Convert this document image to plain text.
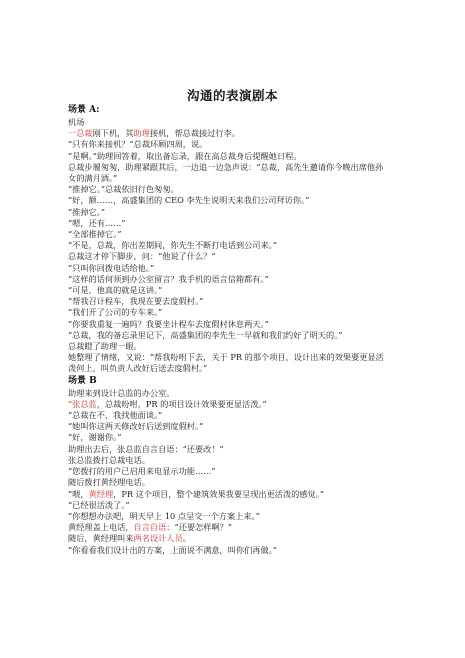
沟通的表演剧本
场景 A:
机场
一总裁刚下机，其助理接机，帮总裁接过行李。
“只有你来接机？”总裁环顾四周，说。
“是啊。”助理回答着，取出备忘录，跟在高总裁身后提醒她日程。
总裁步履匆匆，助理紧跟其后，一边追一边急声说：“总裁，高先生邀请你今晚出席他孙
女的满月酒。”
“推掉它。”总裁依旧行色匆匆。
“好，额……，高盛集团的 CEO 李先生说明天来我们公司拜访你。”
“推掉它。”
“嗯，还有……”
“全部推掉它。”
“不是，总裁，你出差期间，你先生不断打电话到公司来。”
总裁这才停下脚步，问：“他说了什么？”
“只叫你回拨电话给他。”
“这样的话何须到办公室留言？我手机的语言信箱都有。”
“可是，他真的就是这讲。”
“帮我召计程车，我现在要去度假村。”
“我们开了公司的专车来。”
“你要我重复一遍吗？我要坐计程车去度假村休息两天。”
“总裁，我的备忘录里记下，高盛集团的李先生一早就和我们约好了明天的。”
总裁瞪了助理一眼。
她整理了情绪，又说：“帮我吩咐下去，关于 PR 的那个项目，设计出来的效果要更显活
泼何上，叫负责人改好后送去度假村。”
场景 B
助理来到设计总监的办公室。
“张总监，总裁吩咐，PR 的项目设计效果要更显活泼。”
“总裁在不，我找他面谈。”
“她叫你这两天修改好后送到度假村。”
“好，谢谢你。”
助理出去后，张总监自言自语：“还要改！”
张总监拨打总裁电话。
“您拨打的用户已启用来电显示功能……”
随后拨打黄经理电话。
“喂，黄经理，PR 这个项目，整个建筑效果我要呈现出更活泼的感觉。”
“已经很活泼了。”
“你想想办法吧，明天早上 10 点呈交一个方案上来。”
黄经理盖上电话，自言自语：“还要怎样啊？”
随后，黄经理叫来两名设计人员。
“你看看我们设计出的方案，上面说不满意，叫你们再做。”
